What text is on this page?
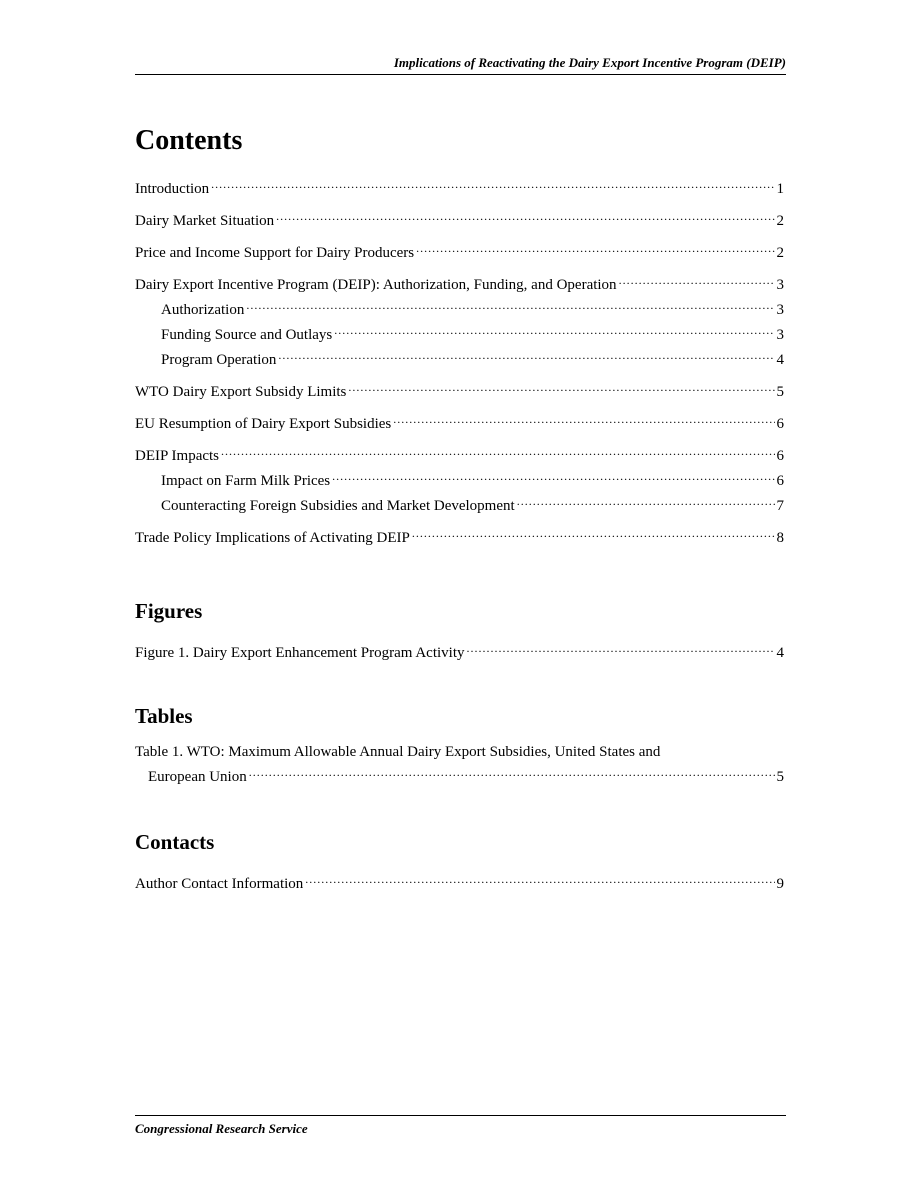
Implications of Reactivating the Dairy Export Incentive Program (DEIP)
Contents
Introduction .....	1
Dairy Market Situation .....	2
Price and Income Support for Dairy Producers .....	2
Dairy Export Incentive Program (DEIP): Authorization, Funding, and Operation .....	3
Authorization .....	3
Funding Source and Outlays .....	3
Program Operation .....	4
WTO Dairy Export Subsidy Limits .....	5
EU Resumption of Dairy Export Subsidies .....	6
DEIP Impacts .....	6
Impact on Farm Milk Prices .....	6
Counteracting Foreign Subsidies and Market Development .....	7
Trade Policy Implications of Activating DEIP .....	8
Figures
Figure 1. Dairy Export Enhancement Program Activity .....	4
Tables
Table 1. WTO: Maximum Allowable Annual Dairy Export Subsidies, United States and
European Union .....	5
Contacts
Author Contact Information .....	9
Congressional Research Service
